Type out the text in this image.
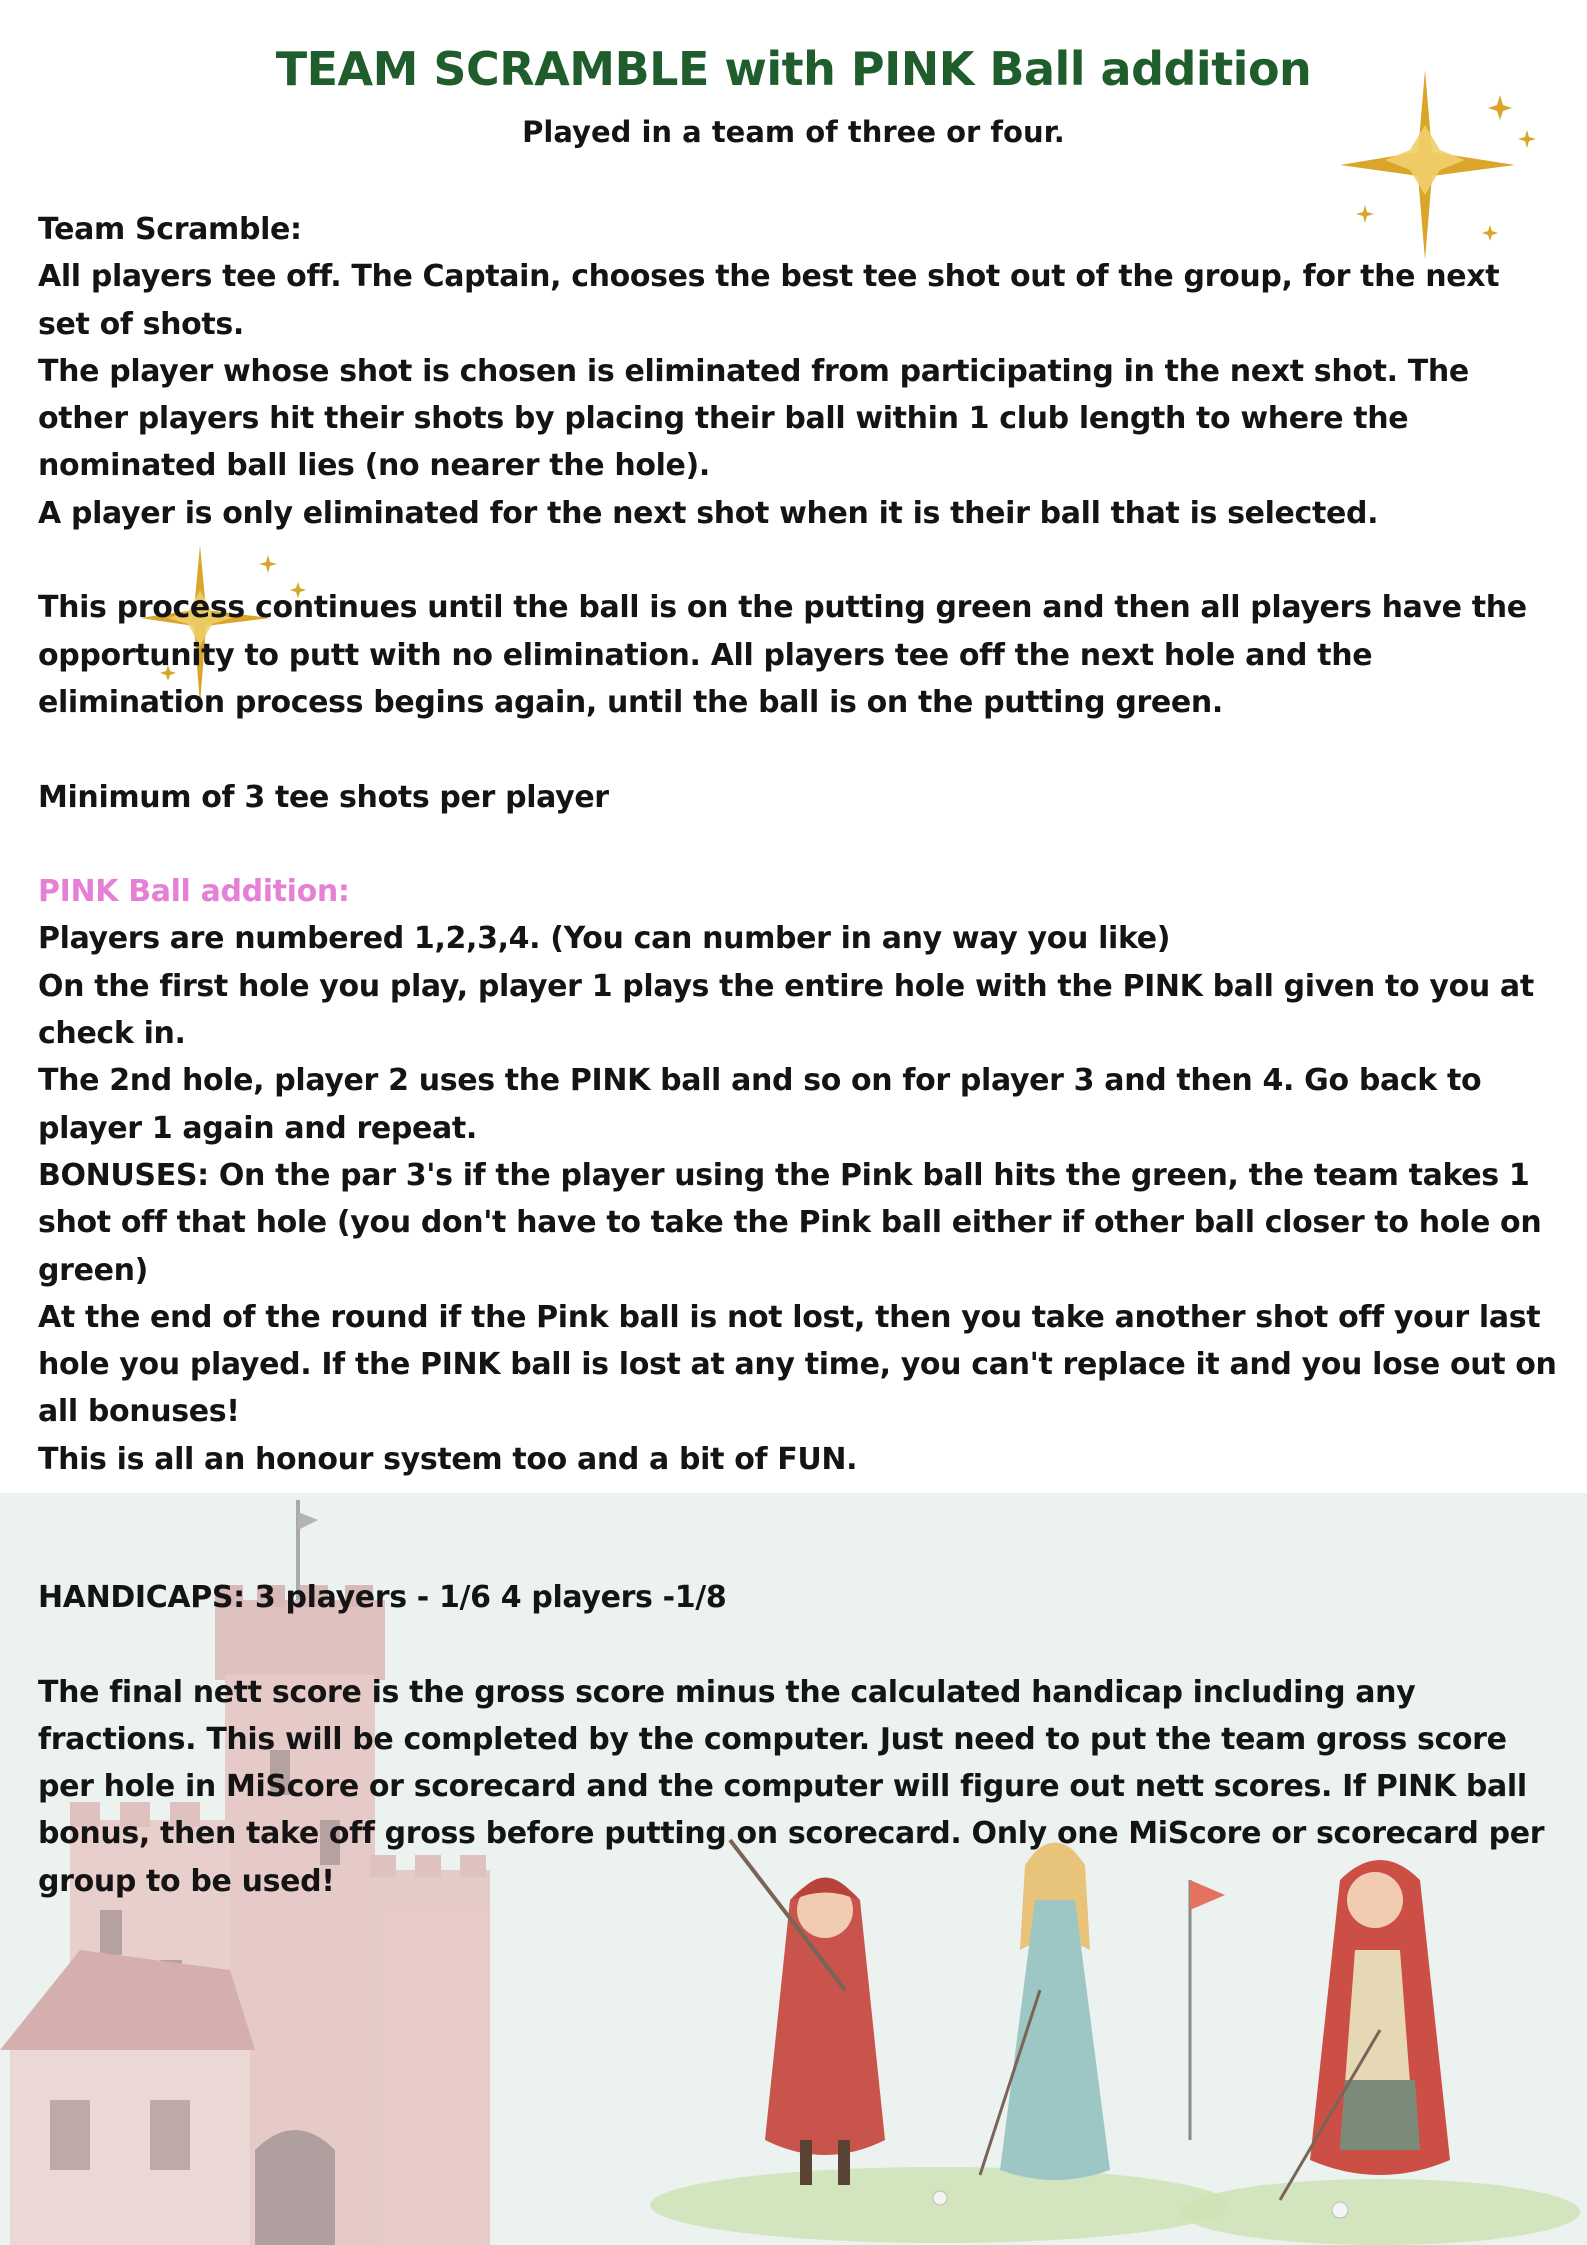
TEAM SCRAMBLE with PINK Ball addition
Played in a team of three or four.

Team Scramble:

All players tee off. The Captain, chooses the best tee shot out of the group, for the next set of shots.

The player whose shot is chosen is eliminated from participating in the next shot. The other players hit their shots by placing their ball within 1 club length to where the nominated ball lies (no nearer the hole).

A player is only eliminated for the next shot when it is their ball that is selected.

This process continues until the ball is on the putting green and then all players have the opportunity to putt with no elimination. All players tee off the next hole and the elimination process begins again, until the ball is on the putting green.

Minimum of 3 tee shots per player

PINK Ball addition:

Players are numbered 1,2,3,4. (You can number in any way you like)

On the first hole you play, player 1 plays the entire hole with the PINK ball given to you at check in.

The 2nd hole, player 2 uses the PINK ball and so on for player 3 and then 4. Go back to player 1 again and repeat.

BONUSES: On the par 3's if the player using the Pink ball hits the green, the team takes 1 shot off that hole (you don't have to take the Pink ball either if other ball closer to hole on green)

At the end of the round if the Pink ball is not lost, then you take another shot off your last hole you played. If the PINK ball is lost at any time, you can't replace it and you lose out on all bonuses!

This is all an honour system too and a bit of FUN.

HANDICAPS: 3 players - 1/6 4 players -1/8

The final nett score is the gross score minus the calculated handicap including any fractions. This will be completed by the computer. Just need to put the team gross score per hole in MiScore or scorecard and the computer will figure out nett scores. If PINK ball bonus, then take off gross before putting on scorecard. Only one MiScore or scorecard per group to be used!
